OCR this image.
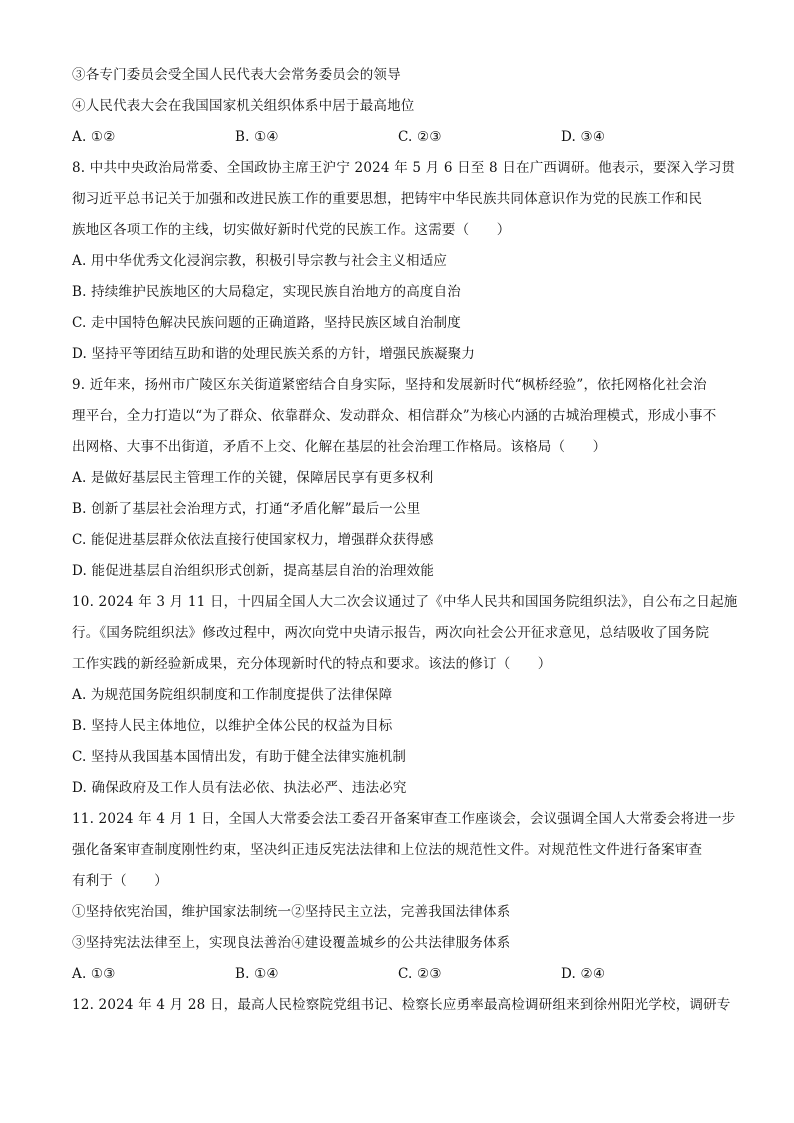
③各专门委员会受全国人民代表大会常务委员会的领导
④人民代表大会在我国国家机关组织体系中居于最高地位
A. ①②	B. ①④	C. ②③	D. ③④
8. 中共中央政治局常委、全国政协主席王沪宁 2024 年 5 月 6 日至 8 日在广西调研。他表示，要深入学习贯
彻习近平总书记关于加强和改进民族工作的重要思想，把铸牢中华民族共同体意识作为党的民族工作和民
族地区各项工作的主线，切实做好新时代党的民族工作。这需要（　　）
A. 用中华优秀文化浸润宗教，积极引导宗教与社会主义相适应
B. 持续维护民族地区的大局稳定，实现民族自治地方的高度自治
C. 走中国特色解决民族问题的正确道路，坚持民族区域自治制度
D. 坚持平等团结互助和谐的处理民族关系的方针，增强民族凝聚力
9. 近年来，扬州市广陵区东关街道紧密结合自身实际，坚持和发展新时代“枫桥经验”，依托网格化社会治
理平台，全力打造以“为了群众、依靠群众、发动群众、相信群众”为核心内涵的古城治理模式，形成小事不
出网格、大事不出街道，矛盾不上交、化解在基层的社会治理工作格局。该格局（　　）
A. 是做好基层民主管理工作的关键，保障居民享有更多权利
B. 创新了基层社会治理方式，打通“矛盾化解”最后一公里
C. 能促进基层群众依法直接行使国家权力，增强群众获得感
D. 能促进基层自治组织形式创新，提高基层自治的治理效能
10. 2024 年 3 月 11 日，十四届全国人大二次会议通过了《中华人民共和国国务院组织法》，自公布之日起施
行。《国务院组织法》修改过程中，两次向党中央请示报告，两次向社会公开征求意见，总结吸收了国务院
工作实践的新经验新成果，充分体现新时代的特点和要求。该法的修订（　　）
A. 为规范国务院组织制度和工作制度提供了法律保障
B. 坚持人民主体地位，以维护全体公民的权益为目标
C. 坚持从我国基本国情出发，有助于健全法律实施机制
D. 确保政府及工作人员有法必依、执法必严、违法必究
11. 2024 年 4 月 1 日，全国人大常委会法工委召开备案审查工作座谈会，会议强调全国人大常委会将进一步
强化备案审查制度刚性约束，坚决纠正违反宪法法律和上位法的规范性文件。对规范性文件进行备案审查
有利于（　　）
①坚持依宪治国，维护国家法制统一②坚持民主立法，完善我国法律体系
③坚持宪法法律至上，实现良法善治④建设覆盖城乡的公共法律服务体系
A. ①③	B. ①④	C. ②③	D. ②④
12. 2024 年 4 月 28 日，最高人民检察院党组书记、检察长应勇率最高检调研组来到徐州阳光学校，调研专
